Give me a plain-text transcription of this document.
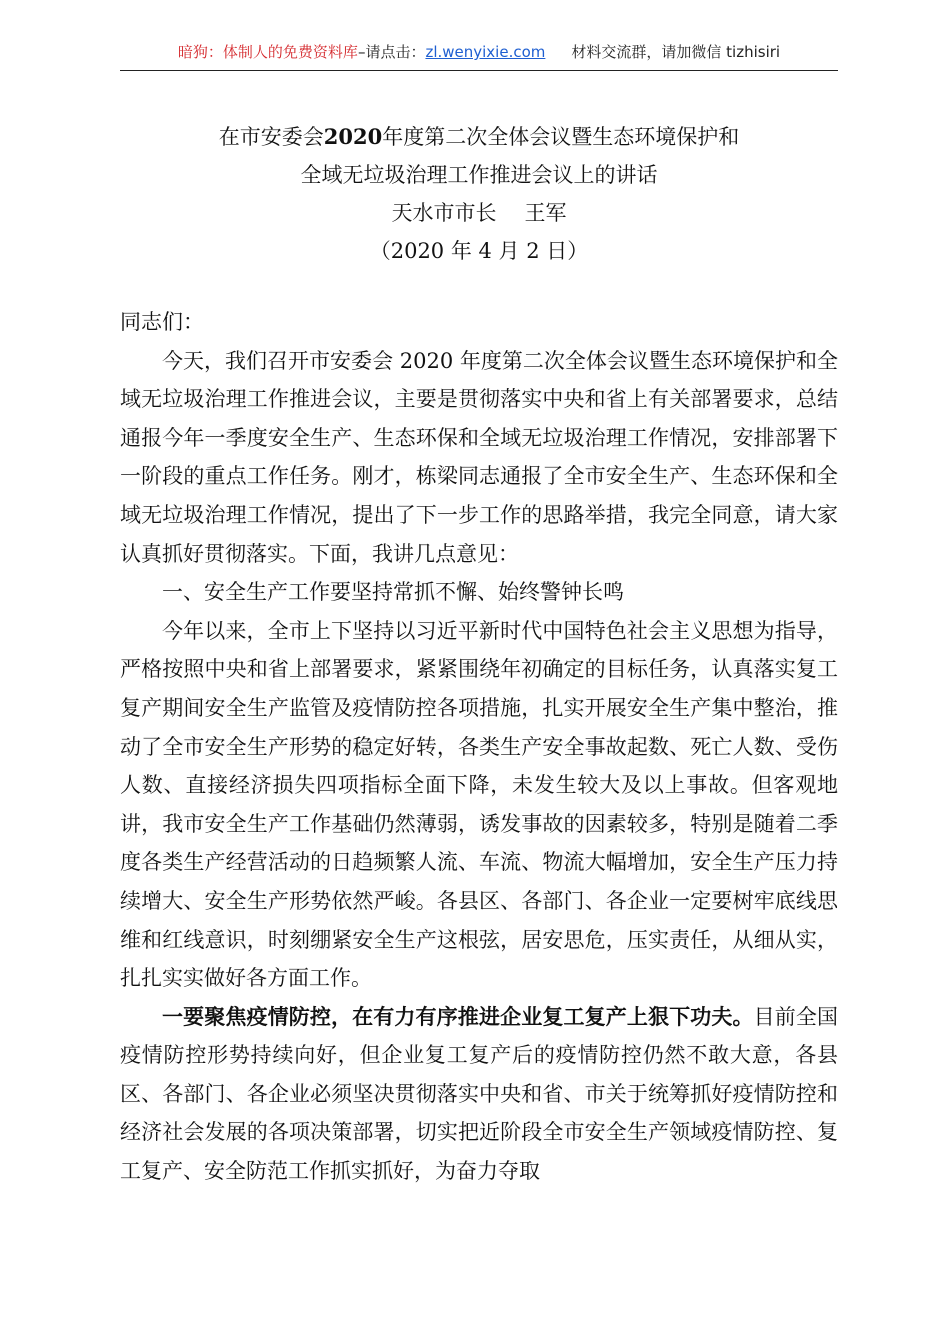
暗狗：体制人的免费资料库–请点击：zl.wenyixie.com 材料交流群，请加微信 tizhisiri
在市安委会2020年度第二次全体会议暨生态环境保护和
全域无垃圾治理工作推进会议上的讲话
天水市市长 王军
（2020 年 4 月 2 日）

同志们：

今天，我们召开市安委会 2020 年度第二次全体会议暨生态环境保护和全域无垃圾治理工作推进会议，主要是贯彻落实中央和省上有关部署要求，总结通报今年一季度安全生产、生态环保和全域无垃圾治理工作情况，安排部署下一阶段的重点工作任务。刚才，栋梁同志通报了全市安全生产、生态环保和全域无垃圾治理工作情况，提出了下一步工作的思路举措，我完全同意，请大家认真抓好贯彻落实。下面，我讲几点意见：

一、安全生产工作要坚持常抓不懈、始终警钟长鸣

今年以来，全市上下坚持以习近平新时代中国特色社会主义思想为指导，严格按照中央和省上部署要求，紧紧围绕年初确定的目标任务，认真落实复工复产期间安全生产监管及疫情防控各项措施，扎实开展安全生产集中整治，推动了全市安全生产形势的稳定好转，各类生产安全事故起数、死亡人数、受伤人数、直接经济损失四项指标全面下降，未发生较大及以上事故。但客观地讲，我市安全生产工作基础仍然薄弱，诱发事故的因素较多，特别是随着二季度各类生产经营活动的日趋频繁人流、车流、物流大幅增加，安全生产压力持续增大、安全生产形势依然严峻。各县区、各部门、各企业一定要树牢底线思维和红线意识，时刻绷紧安全生产这根弦，居安思危，压实责任，从细从实，扎扎实实做好各方面工作。

一要聚焦疫情防控，在有力有序推进企业复工复产上狠下功夫。目前全国疫情防控形势持续向好，但企业复工复产后的疫情防控仍然不敢大意，各县区、各部门、各企业必须坚决贯彻落实中央和省、市关于统筹抓好疫情防控和经济社会发展的各项决策部署，切实把近阶段全市安全生产领域疫情防控、复工复产、安全防范工作抓实抓好，为奋力夺取
